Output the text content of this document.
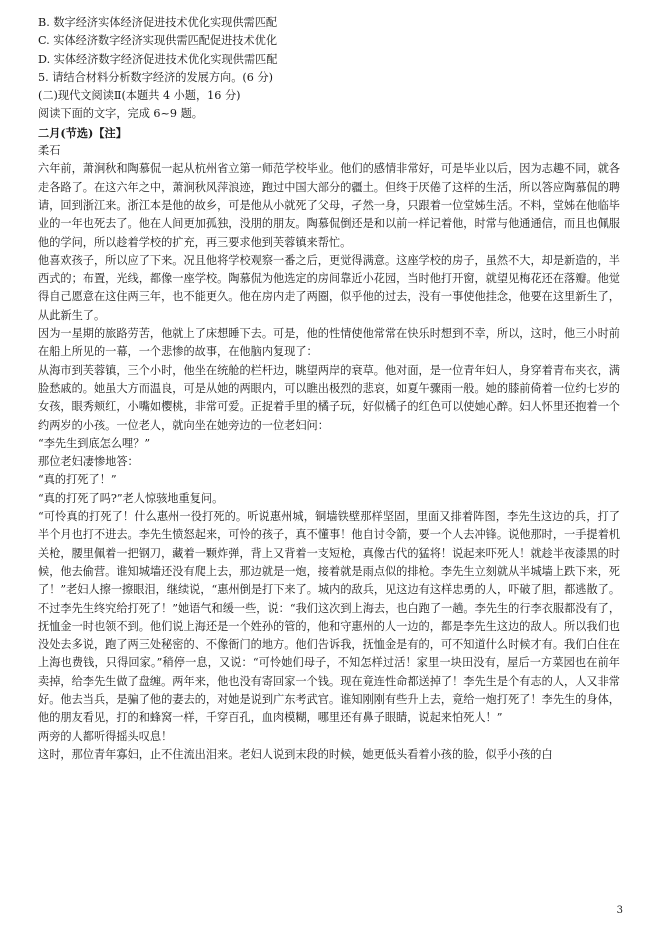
B. 数字经济实体经济促进技术优化实现供需匹配

C. 实体经济数字经济实现供需匹配促进技术优化

D. 实体经济数字经济促进技术优化实现供需匹配

5. 请结合材料分析数字经济的发展方向。(6 分)

(二)现代文阅读Ⅱ(本题共 4 小题，16 分)

阅读下面的文字，完成 6~9 题。

二月(节选)【注】

柔石

六年前，萧涧秋和陶慕侃一起从杭州省立第一师范学校毕业。他们的感情非常好，可是毕业以后，因为志趣不同，就各走各路了。在这六年之中，萧涧秋风萍浪迹，跑过中国大部分的疆土。但终于厌倦了这样的生活，所以答应陶慕侃的聘请，回到浙江来。浙江本是他的故乡，可是他从小就死了父母，孑然一身，只跟着一位堂姊生活。不料，堂姊在他临毕业的一年也死去了。他在人间更加孤独，没朋的朋友。陶慕侃倒还是和以前一样记着他，时常与他通通信，而且也佩服他的学问，所以趁着学校的扩充，再三要求他到芙蓉镇来帮忙。

他喜欢孩子，所以应了下来。况且他将学校观察一番之后，更觉得满意。这座学校的房子，虽然不大，却是新造的，半西式的；布置，光线，都像一座学校。陶慕侃为他选定的房间靠近小花园，当时他打开窗，就望见梅花还在落瓣。他觉得自己愿意在这住两三年，也不能更久。他在房内走了两圈，似乎他的过去，没有一事使他挂念，他要在这里新生了，从此新生了。

因为一星期的旅路劳苦，他就上了床想睡下去。可是，他的性情使他常常在快乐时想到不幸，所以，这时，他三小时前在船上所见的一幕，一个悲惨的故事，在他脑内复现了：

从海市到芙蓉镇，三个小时，他坐在统舱的栏杆边，眺望两岸的衰草。他对面，是一位青年妇人，身穿着青布夹衣，满脸愁戚的。她虽大方而温良，可是从她的两眼内，可以瞧出极烈的悲哀，如夏午骤雨一般。她的膝前倚着一位约七岁的女孩，眼秀颊红，小嘴如樱桃，非常可爱。正捉着手里的橘子玩，好似橘子的红色可以使她心醉。妇人怀里还抱着一个约两岁的小孩。一位老人，就向坐在她旁边的一位老妇问：

“李先生到底怎么哩？”

那位老妇凄惨地答：

“真的打死了！”

“真的打死了吗?”老人惊骇地重复问。

“可怜真的打死了！什么惠州一役打死的。听说惠州城，铜墙铁壁那样坚固，里面又排着阵图，李先生这边的兵，打了半个月也打不进去。李先生愤怒起来，可怜的孩子，真不懂事！他自讨令箭，要一个人去冲锋。说他那时，一手提着机关枪，腰里佩着一把钢刀，藏着一颗炸弹，背上又背着一支短枪，真像古代的猛将！说起来吓死人！就趁半夜漆黑的时候，他去偷营。谁知城墙还没有爬上去，那边就是一炮，接着就是雨点似的排枪。李先生立刻就从半城墙上跌下来，死了！”老妇人擦一擦眼泪，继续说，“惠州倒是打下来了。城内的敌兵，见这边有这样忠勇的人，吓破了胆，都逃散了。不过李先生终究给打死了！”她语气和缓一些，说：“我们这次到上海去，也白跑了一趟。李先生的行李衣服都没有了，抚恤金一时也领不到。他们说上海还是一个姓孙的管的，他和守惠州的人一边的，都是李先生这边的敌人。所以我们也没处去多说，跑了两三处秘密的、不像衙门的地方。他们告诉我，抚恤金是有的，可不知道什么时候才有。我们白住在上海也费钱，只得回家。”稍停一息，又说：“可怜她们母子，不知怎样过活！家里一块田没有，屋后一方菜园也在前年卖掉，给李先生做了盘缠。两年来，他也没有寄回家一个钱。现在竟连性命都送掉了！李先生是个有志的人，人又非常好。他去当兵，是骗了他的妻去的，对她是说到广东考武官。谁知刚刚有些升上去，竟给一炮打死了！李先生的身体，他的朋友看见，打的和蜂窝一样，千穿百孔，血肉模糊，哪里还有鼻子眼睛，说起来怕死人！”

两旁的人都听得摇头叹息！

这时，那位青年寡妇，止不住流出泪来。老妇人说到末段的时候，她更低头看着小孩的脸，似乎小孩的白

3
